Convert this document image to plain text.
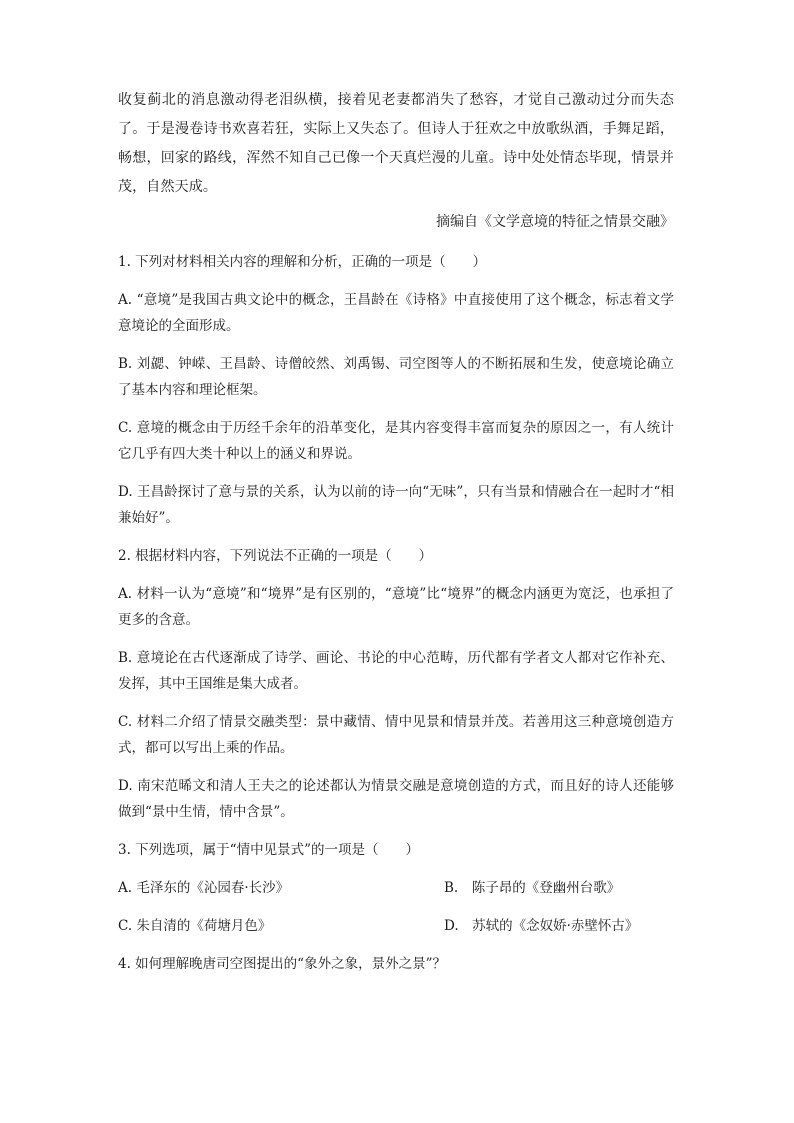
收复蓟北的消息激动得老泪纵横，接着见老妻都消失了愁容，才觉自己激动过分而失态了。于是漫卷诗书欢喜若狂，实际上又失态了。但诗人于狂欢之中放歌纵酒，手舞足蹈，畅想，回家的路线，浑然不知自己已像一个天真烂漫的儿童。诗中处处情态毕现，情景并茂，自然天成。

摘编自《文学意境的特征之情景交融》

1. 下列对材料相关内容的理解和分析，正确的一项是（　　）

A. “意境”是我国古典文论中的概念，王昌龄在《诗格》中直接使用了这个概念，标志着文学意境论的全面形成。

B. 刘勰、钟嵘、王昌龄、诗僧皎然、刘禹锡、司空图等人的不断拓展和生发，使意境论确立了基本内容和理论框架。

C. 意境的概念由于历经千余年的沿革变化，是其内容变得丰富而复杂的原因之一，有人统计它几乎有四大类十种以上的涵义和界说。

D. 王昌龄探讨了意与景的关系，认为以前的诗一向“无味”，只有当景和情融合在一起时才“相兼始好”。

2. 根据材料内容，下列说法不正确的一项是（　　）

A. 材料一认为“意境”和“境界”是有区别的，“意境”比“境界”的概念内涵更为宽泛，也承担了更多的含意。

B. 意境论在古代逐渐成了诗学、画论、书论的中心范畴，历代都有学者文人都对它作补充、发挥，其中王国维是集大成者。

C. 材料二介绍了情景交融类型：景中藏情、情中见景和情景并茂。若善用这三种意境创造方式，都可以写出上乘的作品。

D. 南宋范晞文和清人王夫之的论述都认为情景交融是意境创造的方式，而且好的诗人还能够做到“景中生情，情中含景”。

3. 下列选项，属于“情中见景式”的一项是（　　）

A. 毛泽东的《沁园春·长沙》	B.　陈子昂的《登幽州台歌》
C. 朱自清的《荷塘月色》	D.　苏轼的《念奴娇·赤壁怀古》

4. 如何理解晚唐司空图提出的“象外之象，景外之景”？
